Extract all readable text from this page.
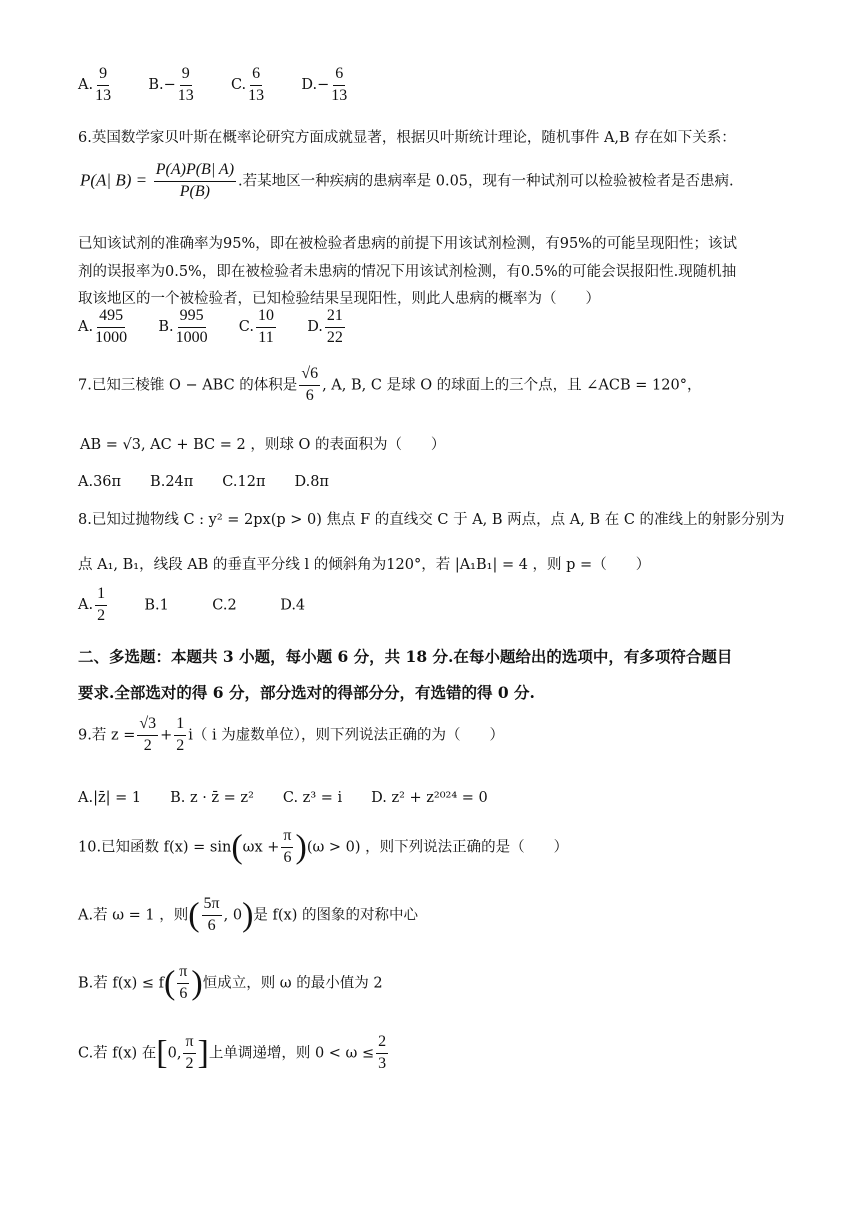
A. $\frac{9}{13}$	$B.- \frac{9}{13}$	C. $\frac{6}{13}$	$D.- \frac{6}{13}$
6.英国数学家贝叶斯在概率论研究方面成就显著，根据贝叶斯统计理论，随机事件 A,B 存在如下关系：
P(A| $B) = \frac{P(A)P(B| A)}{P(B)}$ .若某地区一种疾病的患病率是 0.05，现有一种试剂可以检验被检者是否患病.
已知该试剂的准确率为95%，即在被检验者患病的前提下用该试剂检测，有95%的可能呈现阳性；该试
剂的误报率为0.5%，即在被检验者未患病的情况下用该试剂检测，有0.5%的可能会误报阳性.现随机抽
取该地区的一个被检验者，已知检验结果呈现阳性，则此人患病的概率为（　　）
A. $\frac{495}{1000} B$. $\frac{995}{1000} C$. $\frac{10}{11} D$. $\frac{21}{22}$
7.已知三棱锥 O − ABC 的体积是 $\frac{√6}{6}$ , A, B, C 是球 O 的球面上的三个点，且 ∠ACB = 120°，
AB = √3, AC + BC = 2 ，则球 O 的表面积为（　　）
A.36π　　B.24π　　C.12π　　D.8π
8.已知过抛物线 C : y² = 2px(p > 0) 焦点 F 的直线交 C 于 A, B 两点，点 A, B 在 C 的准线上的射影分别为
点 A₁, B₁，线段 AB 的垂直平分线 l 的倾斜角为120°，若 |A₁B₁| = 4 ，则 p =（　　）
A. $\frac{1}{2}$	B.1　　　C.2　　　D.4
二、多选题：本题共 3 小题，每小题 6 分，共 18 分.在每小题给出的选项中，有多项符合题目
要求.全部选对的得 6 分，部分选对的得部分分，有选错的得 0 分.
9.若 $z = \frac{√3}{2} + \frac{1}{2} i$（ i 为虚数单位），则下列说法正确的为（　　）
A.|z̄| = 1　　B. z · z̄ = z²　　C. z³ = i　　D. z² + z²⁰²⁴ = 0
10.已知函数 $f(x) = \sin(\omega x + \frac{\pi}{6} )(\omega > 0)$ ，则下列说法正确的是（　　）
A.若 ω = 1 ，则( $\frac{5\pi}{6}$ , 0)是 f(x) 的图象的对称中心
B.若 $f(x) \le f( \frac{\pi}{6}$ )恒成立，则 ω 的最小值为 2
C.若 f(x) 在[0, $\frac{\pi}{2}$ ]上单调递增，则 $0 < \omega \le \frac{2}{3}$
